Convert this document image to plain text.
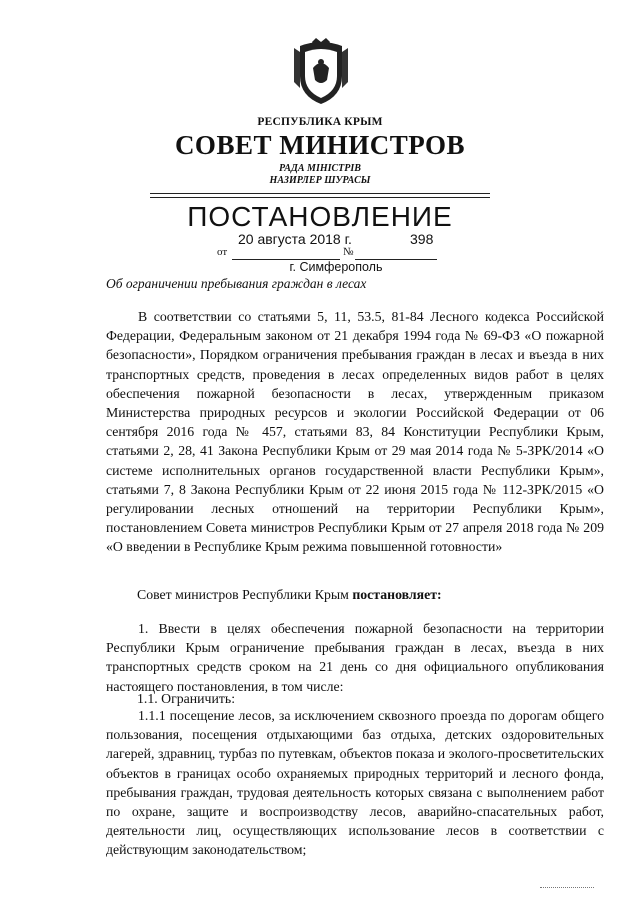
РЕСПУБЛИКА КРЫМ
СОВЕТ МИНИСТРОВ
РАДА МІНІСТРІВ
НАЗИРЛЕР ШУРАСЫ
ПОСТАНОВЛЕНИЕ
20 августа 2018 г.	398
от	№
г. Симферополь
Об ограничении пребывания граждан в лесах

В соответствии со статьями 5, 11, 53.5, 81-84 Лесного кодекса Российской Федерации, Федеральным законом от 21 декабря 1994 года № 69-ФЗ «О пожарной безопасности», Порядком ограничения пребывания граждан в лесах и въезда в них транспортных средств, проведения в лесах определенных видов работ в целях обеспечения пожарной безопасности в лесах, утвержденным приказом Министерства природных ресурсов и экологии Российской Федерации от 06 сентября 2016 года № 457, статьями 83, 84 Конституции Республики Крым, статьями 2, 28, 41 Закона Республики Крым от 29 мая 2014 года № 5-ЗРК/2014 «О системе исполнительных органов государственной власти Республики Крым», статьями 7, 8 Закона Республики Крым от 22 июня 2015 года № 112-ЗРК/2015 «О регулировании лесных отношений на территории Республики Крым», постановлением Совета министров Республики Крым от 27 апреля 2018 года № 209 «О введении в Республике Крым режима повышенной готовности»

Совет министров Республики Крым постановляет:

1. Ввести в целях обеспечения пожарной безопасности на территории Республики Крым ограничение пребывания граждан в лесах, въезда в них транспортных средств сроком на 21 день со дня официального опубликования настоящего постановления, в том числе:

1.1. Ограничить:

1.1.1 посещение лесов, за исключением сквозного проезда по дорогам общего пользования, посещения отдыхающими баз отдыха, детских оздоровительных лагерей, здравниц, турбаз по путевкам, объектов показа и эколого-просветительских объектов в границах особо охраняемых природных территорий и лесного фонда, пребывания граждан, трудовая деятельность которых связана с выполнением работ по охране, защите и воспроизводству лесов, аварийно-спасательных работ, деятельности лиц, осуществляющих использование лесов в соответствии с действующим законодательством;
